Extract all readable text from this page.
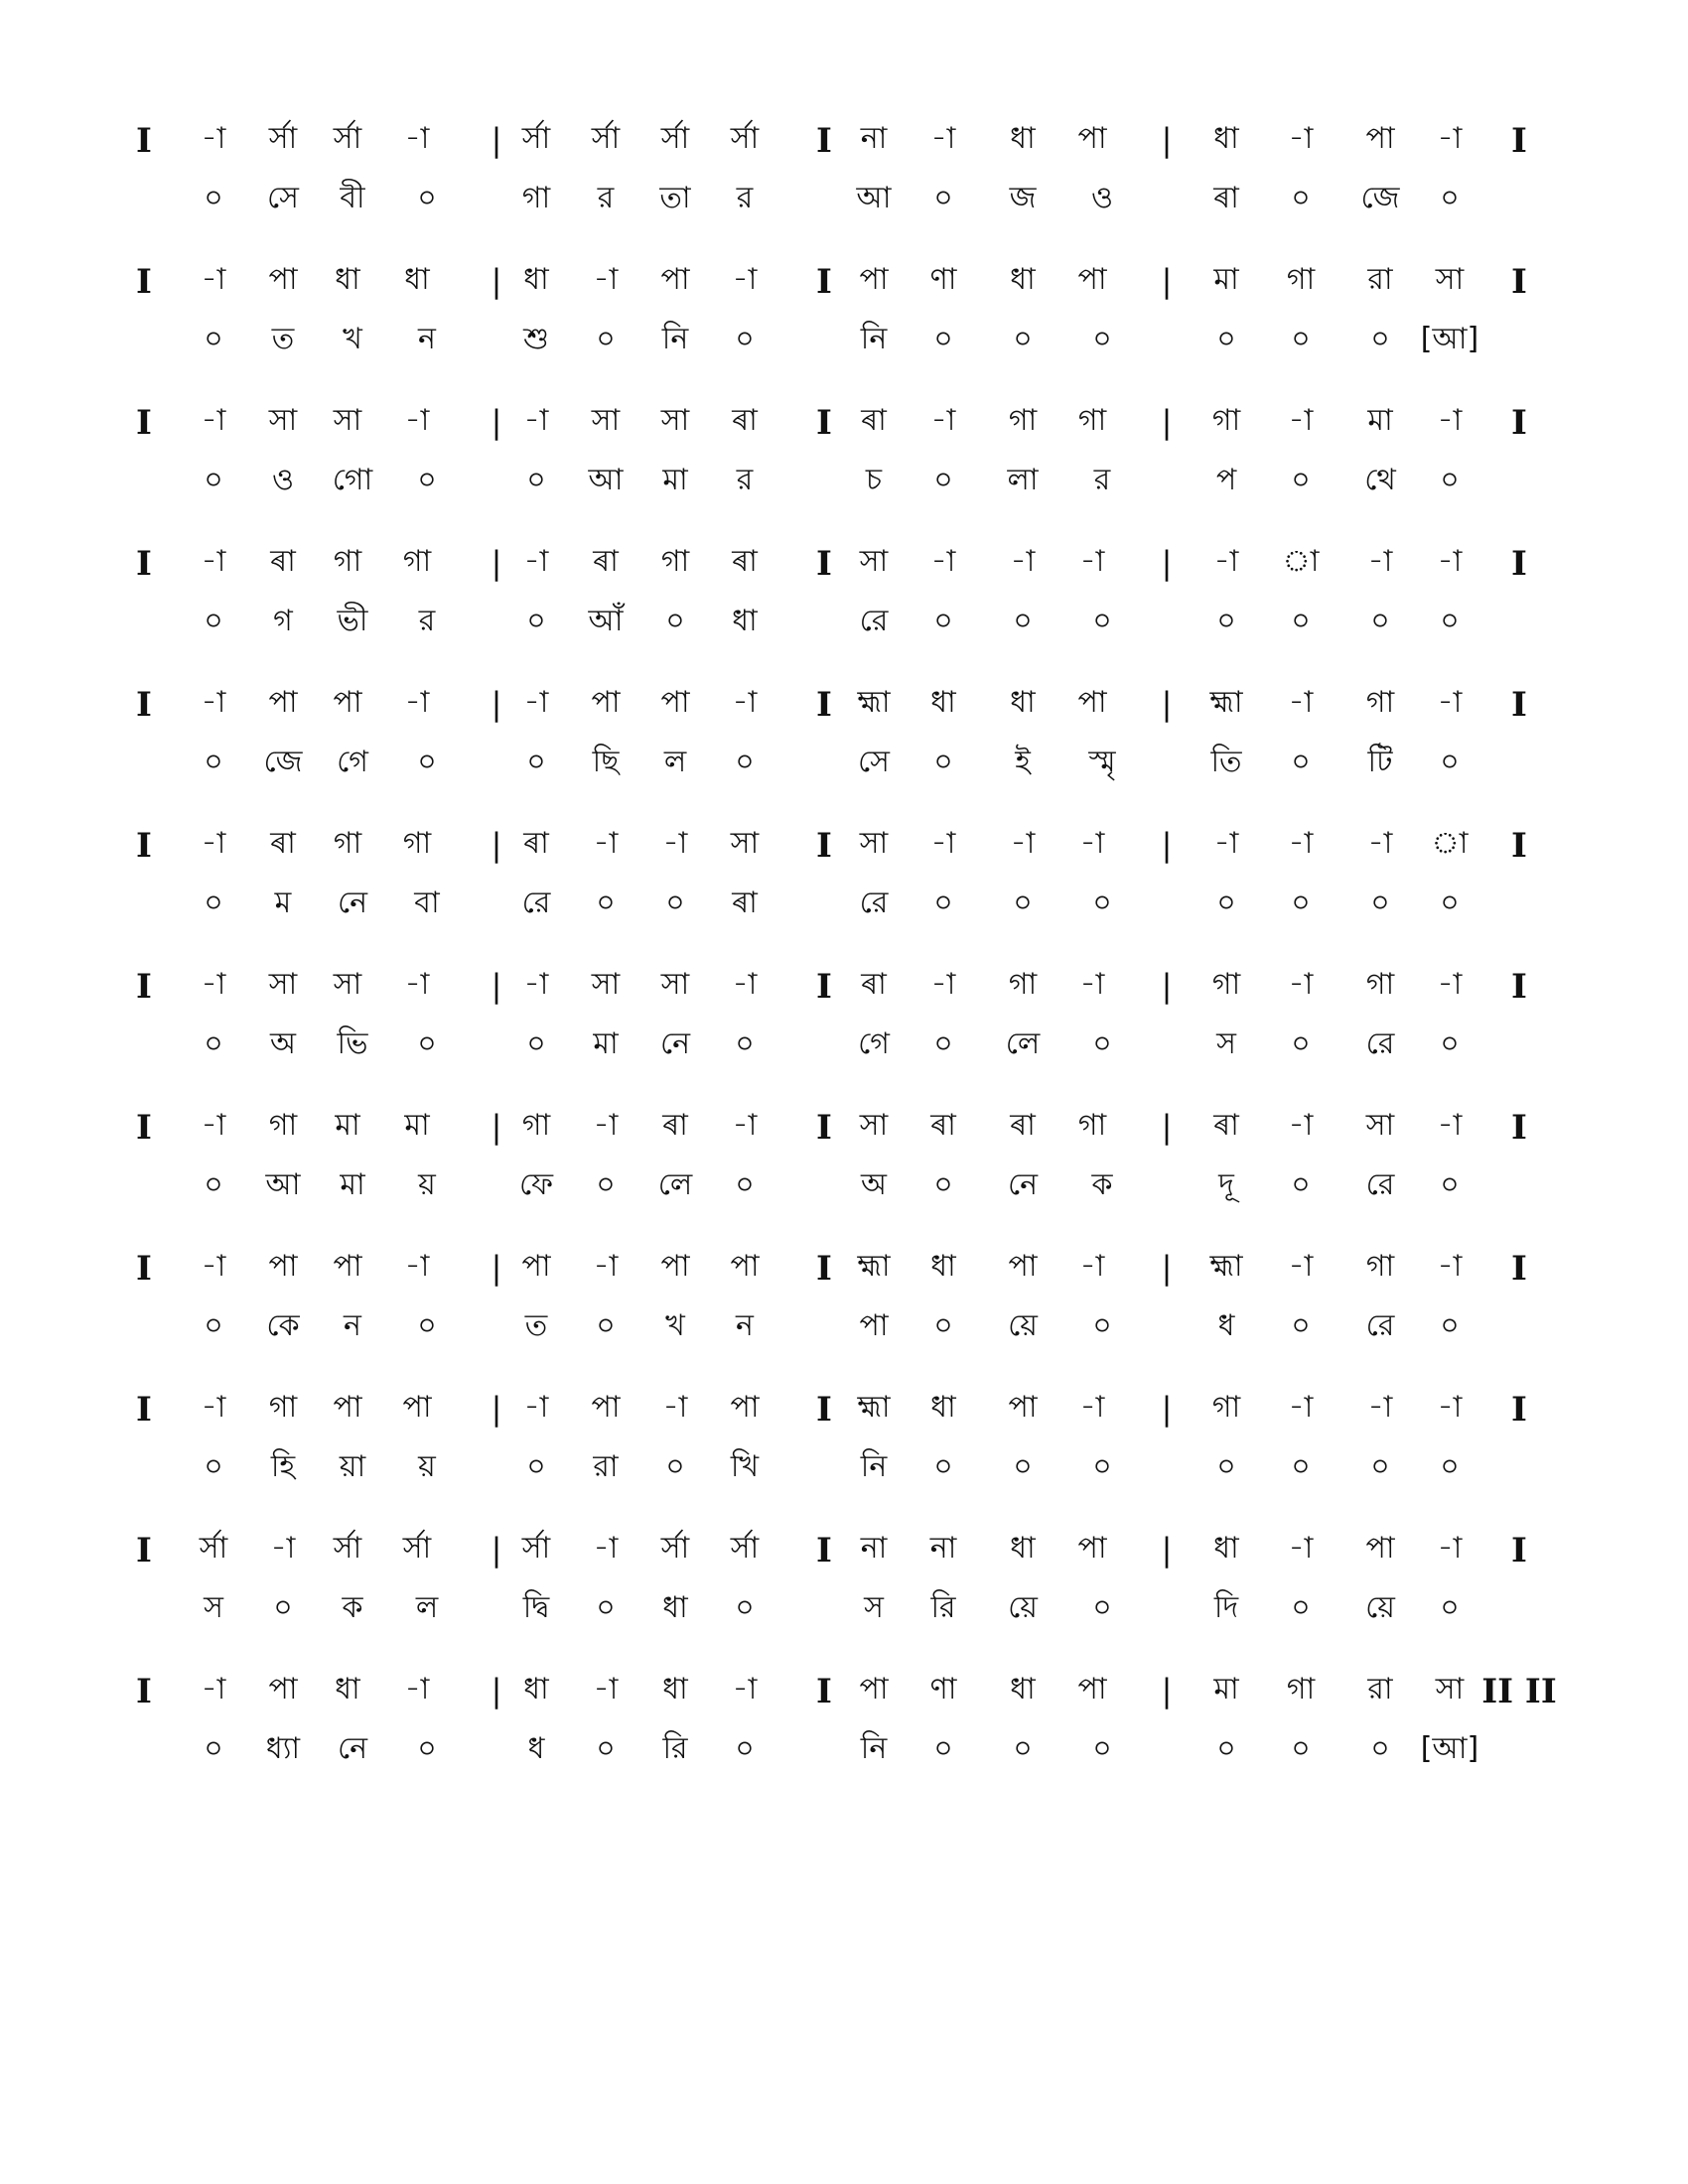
I -া র্সা র্সা -া | র্সা র্সা র্সা র্সা I না -া ধা পা | ধা -া পা -া I
০ সে বী ০	গা র তা র	আ ০ জ ও	ৰা ০ জে ০
I -া পা ধা ধা | ধা -া পা -া I পা ণা ধা পা | মা গা রা সা I
০ ত খ ন	শু ০ নি ০	নি ০ ০ ০	০ ০ ০ [আ]
I -া সা সা -া | -া সা সা ৰা I ৰা -া গা গা | গা -া মা -া I
০ ও গো ০	০ আ মা র	চ ০ লা র	প ০ থে ০
I -া ৰা গা গা | -া ৰা গা ৰা I সা -া -া -া | -া া -া -া I
০ গ ভী র	০ আঁ ০ ধা	রে ০ ০ ০	০ ০ ০ ০
I -া পা পা -া | -া পা পা -া I হ্মা ধা ধা পা | হ্মা -া গা -া I
০ জে গে ০	০ ছি ল ০	সে ০ ই স্মৃ	তি ০ টি ০
I -া ৰা গা গা | ৰা -া -া সা I সা -া -া -া | -া -া -া া I
০ ম নে বা	রে ০ ০ ৰা	রে ০ ০ ০	০ ০ ০ ০
I -া সা সা -া | -া সা সা -া I ৰা -া গা -া | গা -া গা -া I
০ অ ভি ০	০ মা নে ০	গে ০ লে ০	স ০ রে ০
I -া গা মা মা | গা -া ৰা -া I সা ৰা ৰা গা | ৰা -া সা -া I
০ আ মা য়	ফে ০ লে ০	অ ০ নে ক	দূ ০ রে ০
I -া পা পা -া | পা -া পা পা I হ্মা ধা পা -া | হ্মা -া গা -া I
০ কে ন ০	ত ০ খ ন	পা ০ য়ে ০	ধ ০ রে ০
I -া গা পা পা | -া পা -া পা I হ্মা ধা পা -া | গা -া -া -া I
০ হি য়া য়	০ রা ০ খি	নি ০ ০ ০	০ ০ ০ ০
I র্সা -া র্সা র্সা | র্সা -া র্সা র্সা I না না ধা পা | ধা -া পা -া I
স ০ ক ল	দ্বি ০ ধা ০	স রি য়ে ০	দি ০ য়ে ০
I -া পা ধা -া | ধা -া ধা -া I পা ণা ধা পা | মা গা রা সা II II
০ ধ্যা নে ০	ধ ০ রি ০	নি ০ ০ ০	০ ০ ০ [আ]
